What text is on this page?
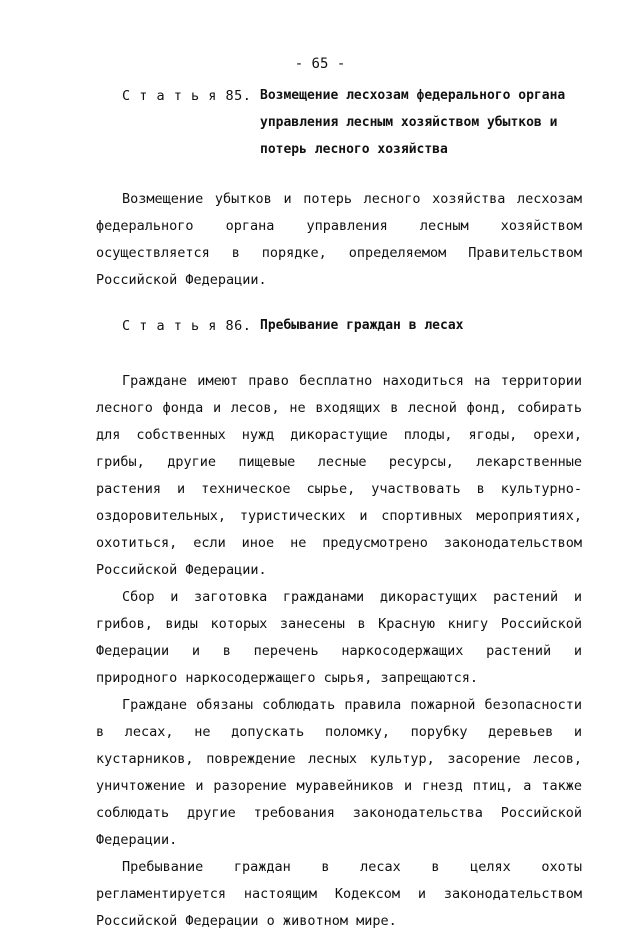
- 65 -
С т а т ь я 85. Возмещение лесхозам федерального органа управления лесным хозяйством убытков и потерь лесного хозяйства

Возмещение убытков и потерь лесного хозяйства лесхозам федерального органа управления лесным хозяйством осуществляется в порядке, определяемом Правительством Российской Федерации.

С т а т ь я 86. Пребывание граждан в лесах

Граждане имеют право бесплатно находиться на территории лесного фонда и лесов, не входящих в лесной фонд, собирать для собственных нужд дикорастущие плоды, ягоды, орехи, грибы, другие пищевые лесные ресурсы, лекарственные растения и техническое сырье, участвовать в культурно-оздоровительных, туристических и спортивных мероприятиях, охотиться, если иное не предусмотрено законодательством Российской Федерации.

Сбор и заготовка гражданами дикорастущих растений и грибов, виды которых занесены в Красную книгу Российской Федерации и в перечень наркосодержащих растений и природного наркосодержащего сырья, запрещаются.

Граждане обязаны соблюдать правила пожарной безопасности в лесах, не допускать поломку, порубку деревьев и кустарников, повреждение лесных культур, засорение лесов, уничтожение и разорение муравейников и гнезд птиц, а также соблюдать другие требования законодательства Российской Федерации.

Пребывание граждан в лесах в целях охоты регламентируется настоящим Кодексом и законодательством Российской Федерации о животном мире.
